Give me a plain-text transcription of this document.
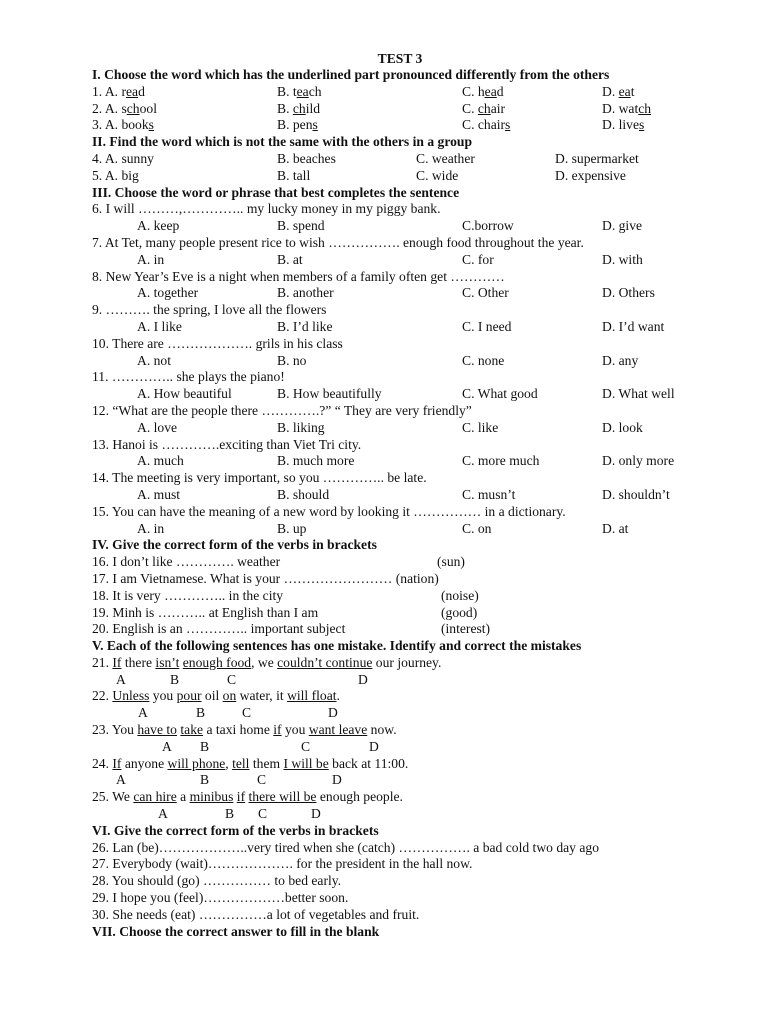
TEST 3
I. Choose the word which has the underlined part pronounced differently from the others
1. A. read	B. teach	C. head	D. eat
2. A. school	B. child	C. chair	D. watch
3. A. books	B. pens	C. chairs	D. lives
II. Find the word which is not the same with the others in a group
4. A. sunny	B. beaches	C. weather	D. supermarket
5. A. big	B. tall	C. wide	D. expensive
III. Choose the word or phrase that best completes the sentence
6. I will ………,………….. my lucky money in my piggy bank.
A. keep	B. spend	C.borrow	D. give
7. At Tet, many people present rice to wish ……………. enough food throughout the year.
A. in	B. at	C. for	D. with
8. New Year’s Eve is a night when members of a family often get …………
A. together	B. another	C. Other	D. Others
9. ………. the spring, I love all the flowers
A. I like	B. I’d like	C. I need	D. I’d want
10. There are ………………. grils in his class
A. not	B. no	C. none	D. any
11. ………….. she plays the piano!
A. How beautiful	B. How beautifully	C. What good	D. What well
12. “What are the people there ………….?” “ They are very friendly”
A. love	B. liking	C. like	D. look
13. Hanoi is ………….exciting than Viet Tri city.
A. much	B. much more	C. more much	D. only more
14. The meeting is very important, so you ………….. be late.
A. must	B. should	C. musn’t	D. shouldn’t
15. You can have the meaning of a new word by looking it …………… in a dictionary.
A. in	B. up	C. on	D. at
IV. Give the correct form of the verbs in brackets
16. I don’t like …………. weather	(sun)
17. I am Vietnamese. What is your …………………… (nation)
18. It is very ………….. in the city	(noise)
19. Minh is ……….. at English than I am	(good)
20. English is an ………….. important subject	(interest)
V. Each of the following sentences has one mistake. Identify and correct the mistakes
21. If there isn’t enough food, we couldn’t continue our journey.
A	B	C	D
22. Unless you pour oil on water, it will float.
A	B	C	D
23. You have to take a taxi home if you want leave now.
A B	C	D
24. If anyone will phone, tell them I will be back at 11:00.
A	B	C	D
25. We can hire a minibus if there will be enough people.
A	B C	D
VI. Give the correct form of the verbs in brackets
26. Lan (be)………………..very tired when she (catch) ……………. a bad cold two day ago
27. Everybody (wait)………………. for the president in the hall now.
28. You should (go) …………… to bed early.
29. I hope you (feel)………………better soon.
30. She needs (eat) ……………a lot of vegetables and fruit.
VII. Choose the correct answer to fill in the blank
